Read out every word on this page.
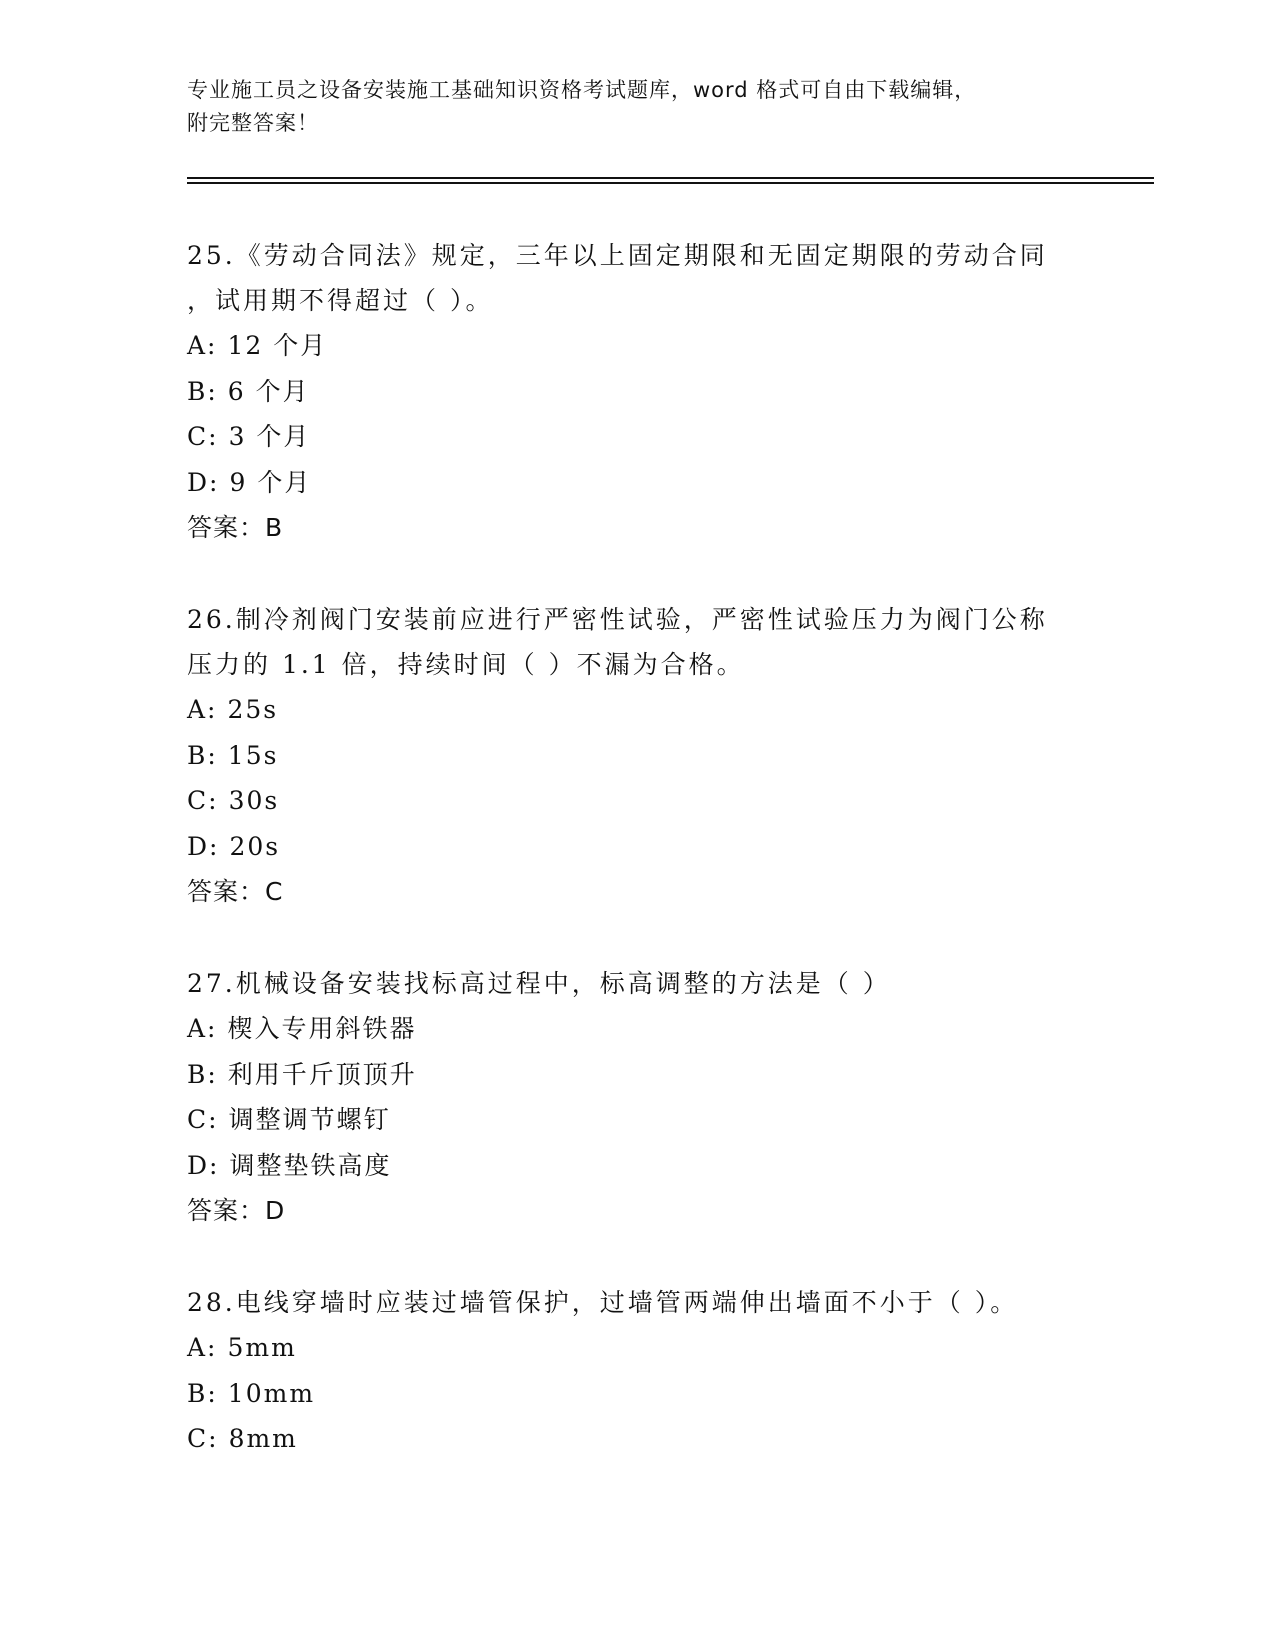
专业施工员之设备安装施工基础知识资格考试题库，word 格式可自由下载编辑，
附完整答案！
25.《劳动合同法》规定，三年以上固定期限和无固定期限的劳动合同
，试用期不得超过（ ）。
A: 12 个月
B: 6 个月
C: 3 个月
D: 9 个月
答案：B
26.制冷剂阀门安装前应进行严密性试验，严密性试验压力为阀门公称
压力的 1.1 倍，持续时间（ ）不漏为合格。
A: 25s
B: 15s
C: 30s
D: 20s
答案：C
27.机械设备安装找标高过程中，标高调整的方法是（ ）
A: 楔入专用斜铁器
B: 利用千斤顶顶升
C: 调整调节螺钉
D: 调整垫铁高度
答案：D
28.电线穿墙时应装过墙管保护，过墙管两端伸出墙面不小于（ ）。
A: 5mm
B: 10mm
C: 8mm
